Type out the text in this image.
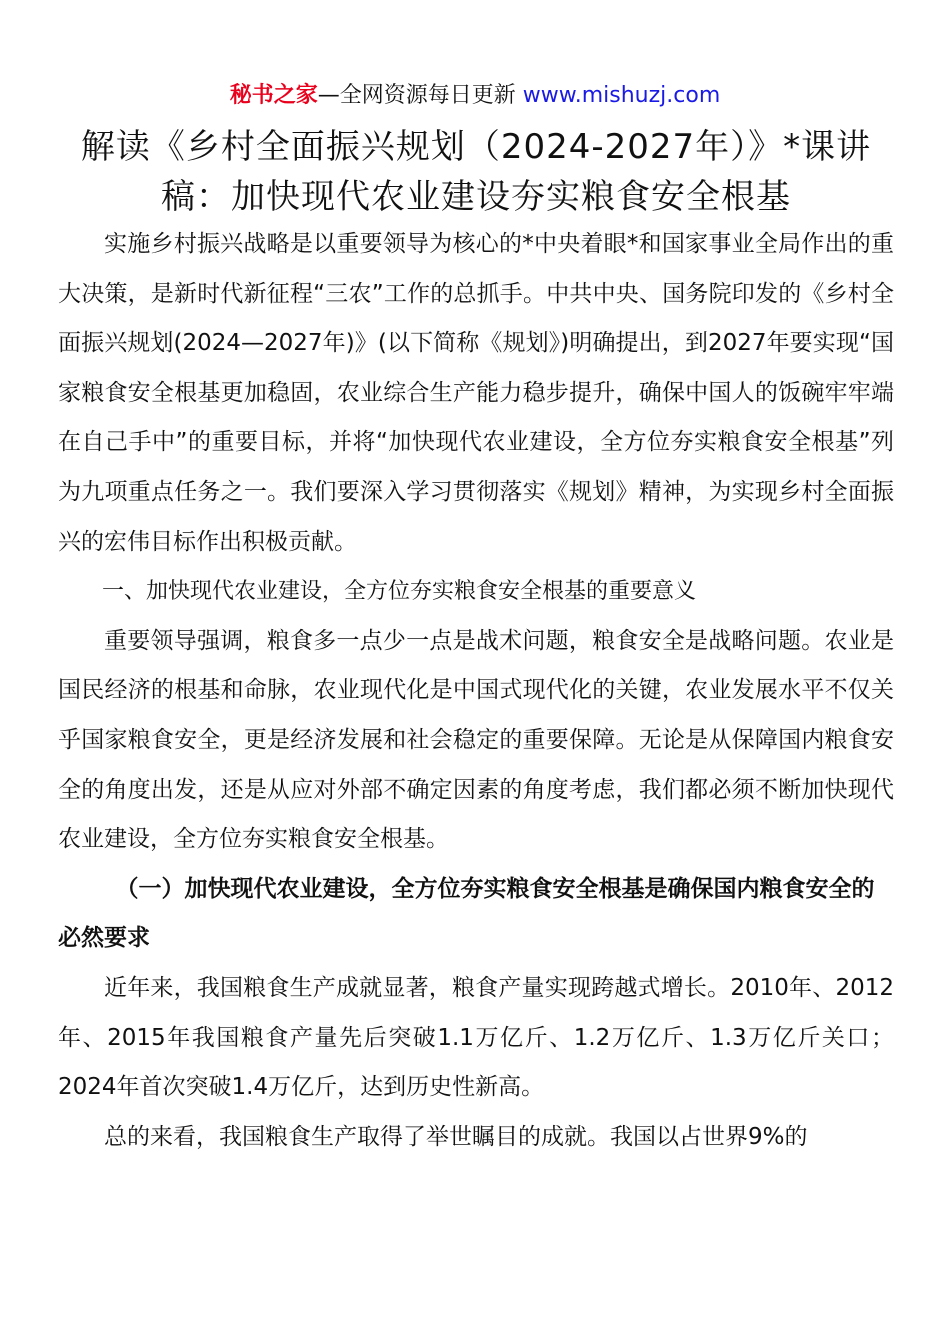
秘书之家—全网资源每日更新 www.mishuzj.com
解读《乡村全面振兴规划（2024-2027年）》*课讲
稿：加快现代农业建设夯实粮食安全根基

实施乡村振兴战略是以重要领导为核心的*中央着眼*和国家事业全局作出的重大决策，是新时代新征程“三农”工作的总抓手。中共中央、国务院印发的《乡村全面振兴规划(2024—2027年)》(以下简称《规划》)明确提出，到2027年要实现“国家粮食安全根基更加稳固，农业综合生产能力稳步提升，确保中国人的饭碗牢牢端在自己手中”的重要目标，并将“加快现代农业建设，全方位夯实粮食安全根基”列为九项重点任务之一。我们要深入学习贯彻落实《规划》精神，为实现乡村全面振兴的宏伟目标作出积极贡献。

一、加快现代农业建设，全方位夯实粮食安全根基的重要意义

重要领导强调，粮食多一点少一点是战术问题，粮食安全是战略问题。农业是国民经济的根基和命脉，农业现代化是中国式现代化的关键，农业发展水平不仅关乎国家粮食安全，更是经济发展和社会稳定的重要保障。无论是从保障国内粮食安全的角度出发，还是从应对外部不确定因素的角度考虑，我们都必须不断加快现代农业建设，全方位夯实粮食安全根基。

（一）加快现代农业建设，全方位夯实粮食安全根基是确保国内粮食安全的必然要求

近年来，我国粮食生产成就显著，粮食产量实现跨越式增长。2010年、2012年、2015年我国粮食产量先后突破1.1万亿斤、1.2万亿斤、1.3万亿斤关口；2024年首次突破1.4万亿斤，达到历史性新高。

总的来看，我国粮食生产取得了举世瞩目的成就。我国以占世界9%的
